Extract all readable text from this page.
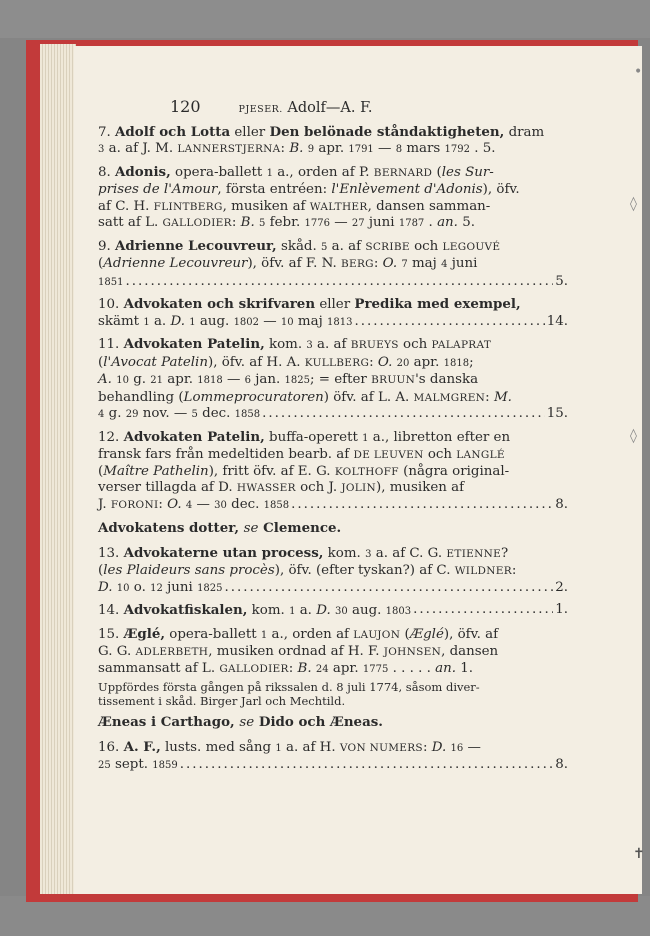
•
◊
◊
✝
120	PJESER. Adolf—A. F.
7. Adolf och Lotta eller Den belönade ståndaktigheten, dram
3 a. af J. M. LANNERSTJERNA: B. 9 apr. 1791 — 8 mars 1792 . 5.
8. Adonis, opera-ballett 1 a., orden af P. BERNARD (les Sur-
prises de l'Amour, första entréen: l'Enlèvement d'Adonis), öfv.
af C. H. FLINTBERG, musiken af WALTHER, dansen samman-
satt af L. GALLODIER: B. 5 febr. 1776 — 27 juni 1787 . an. 5.
9. Adrienne Lecouvreur, skåd. 5 a. af SCRIBE och LEGOUVÉ
(Adrienne Lecouvreur), öfv. af F. N. BERG: O. 7 maj 4 juni
1851 .....	5.
10. Advokaten och skrifvaren eller Predika med exempel,
skämt 1 a. D. 1 aug. 1802 — 10 maj 1813 .....	14.
11. Advokaten Patelin, kom. 3 a. af BRUEYS och PALAPRAT
(l'Avocat Patelin), öfv. af H. A. KULLBERG: O. 20 apr. 1818;
A. 10 g. 21 apr. 1818 — 6 jan. 1825; = efter BRUUN's danska
behandling (Lommeprocuratoren) öfv. af L. A. MALMGREN: M.
4 g. 29 nov. — 5 dec. 1858 .....	15.
12. Advokaten Patelin, buffa-operett 1 a., libretton efter en
fransk fars från medeltiden bearb. af DE LEUVEN och LANGLÉ
(Maître Pathelin), fritt öfv. af E. G. KOLTHOFF (några original-
verser tillagda af D. HWASSER och J. JOLIN), musiken af
J. FORONI: O. 4 — 30 dec. 1858 .....	8.
Advokatens dotter, se Clemence.
13. Advokaterne utan process, kom. 3 a. af C. G. ETIENNE?
(les Plaideurs sans procès), öfv. (efter tyskan?) af C. WILDNER:
D. 10 o. 12 juni 1825 .....	2.
14. Advokatfiskalen, kom. 1 a. D. 30 aug. 1803 .....	1.
15. Æglé, opera-ballett 1 a., orden af LAUJON (Æglé), öfv. af
G. G. ADLERBETH, musiken ordnad af H. F. JOHNSEN, dansen
sammansatt af L. GALLODIER: B. 24 apr. 1775 . . . . . an. 1.
Uppfördes första gången på rikssalen d. 8 juli 1774, såsom diver-
tissement i skåd. Birger Jarl och Mechtild.
Æneas i Carthago, se Dido och Æneas.
16. A. F., lusts. med sång 1 a. af H. VON NUMERS: D. 16 —
25 sept. 1859 .....	8.
